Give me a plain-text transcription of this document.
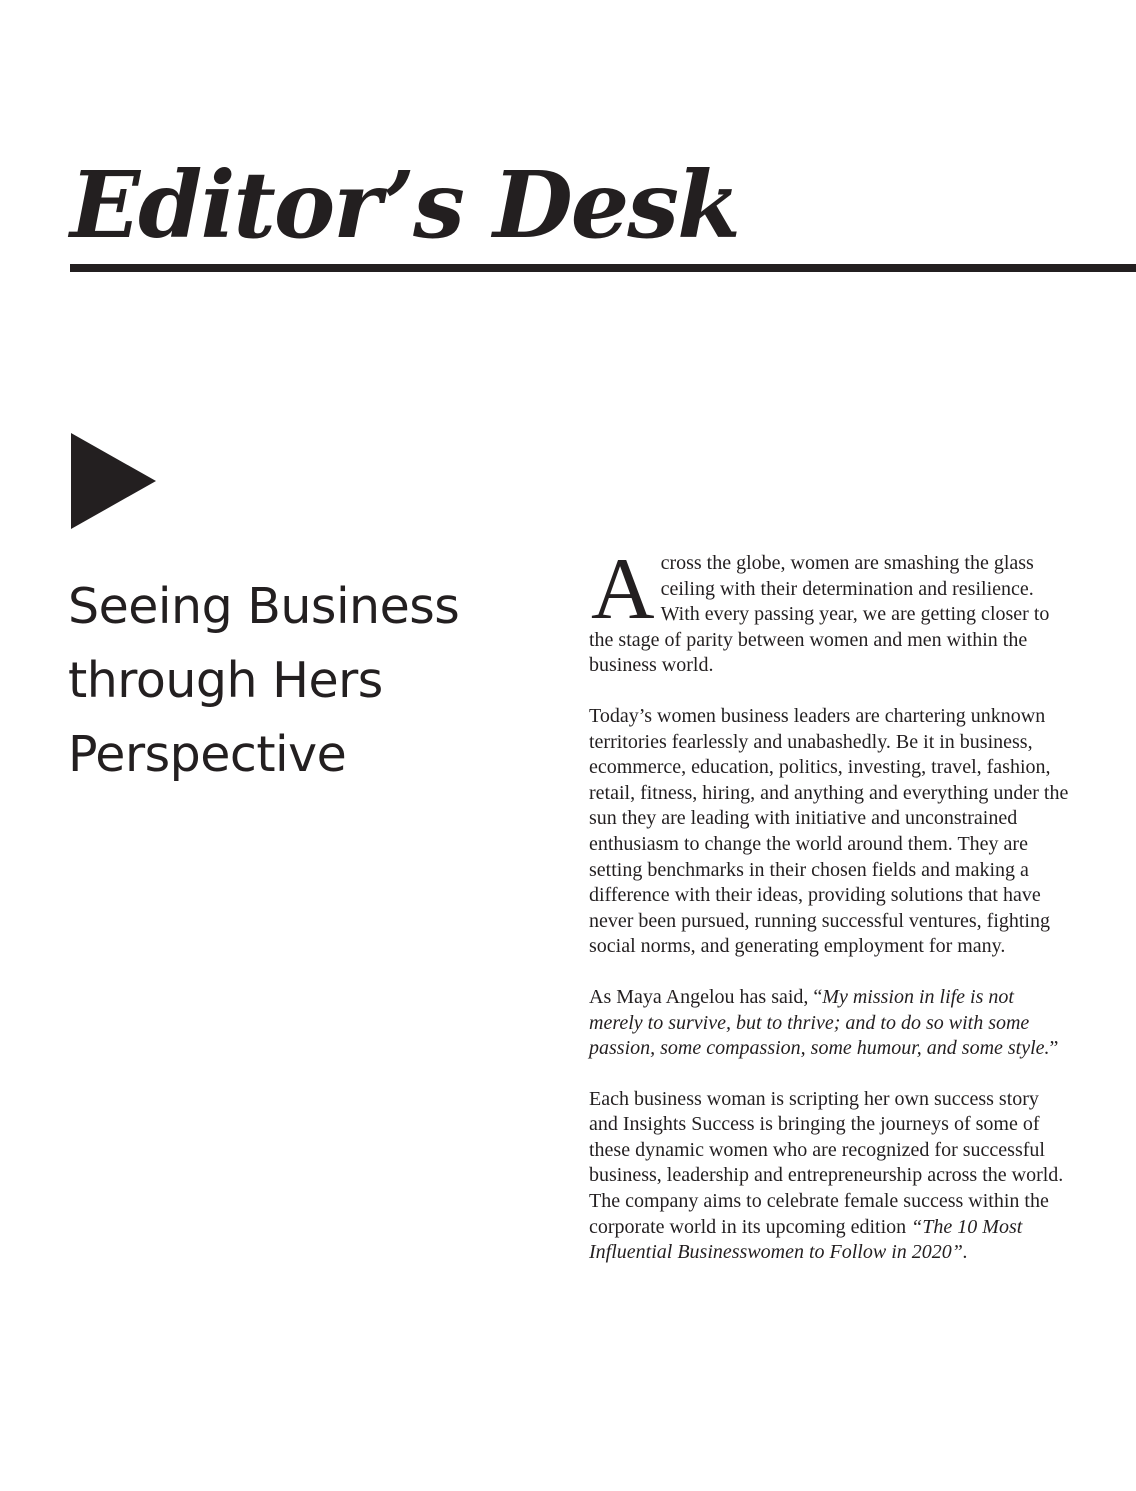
Editor’s Desk
Seeing Business
through Hers
Perspective

Across the globe, women are smashing the glass ceiling with their determination and resilience. With every passing year, we are getting closer to the stage of parity between women and men within the business world.

Today’s women business leaders are chartering unknown territories fearlessly and unabashedly. Be it in business, ecommerce, education, politics, investing, travel, fashion, retail, fitness, hiring, and anything and everything under the sun they are leading with initiative and unconstrained enthusiasm to change the world around them. They are setting benchmarks in their chosen fields and making a difference with their ideas, providing solutions that have never been pursued, running successful ventures, fighting social norms, and generating employment for many.

As Maya Angelou has said, “My mission in life is not merely to survive, but to thrive; and to do so with some passion, some compassion, some humour, and some style.”

Each business woman is scripting her own success story and Insights Success is bringing the journeys of some of these dynamic women who are recognized for successful business, leadership and entrepreneurship across the world. The company aims to celebrate female success within the corporate world in its upcoming edition “The 10 Most Influential Businesswomen to Follow in 2020”.
